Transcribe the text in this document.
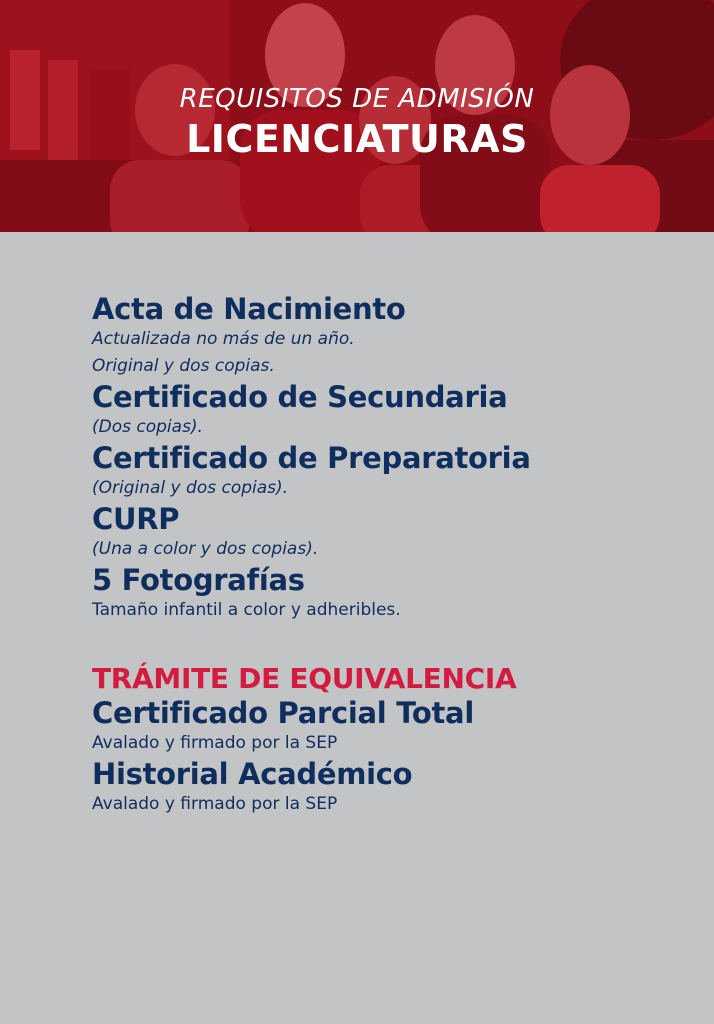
REQUISITOS DE ADMISIÓN
LICENCIATURAS
Acta de Nacimiento
Actualizada no más de un año.
Original y dos copias.
Certificado de Secundaria
(Dos copias).
Certificado de Preparatoria
(Original y dos copias).
CURP
(Una a color y dos copias).
5 Fotografías
Tamaño infantil a color y adheribles.
TRÁMITE DE EQUIVALENCIA
Certificado Parcial Total
Avalado y firmado por la SEP
Historial Académico
Avalado y firmado por la SEP
